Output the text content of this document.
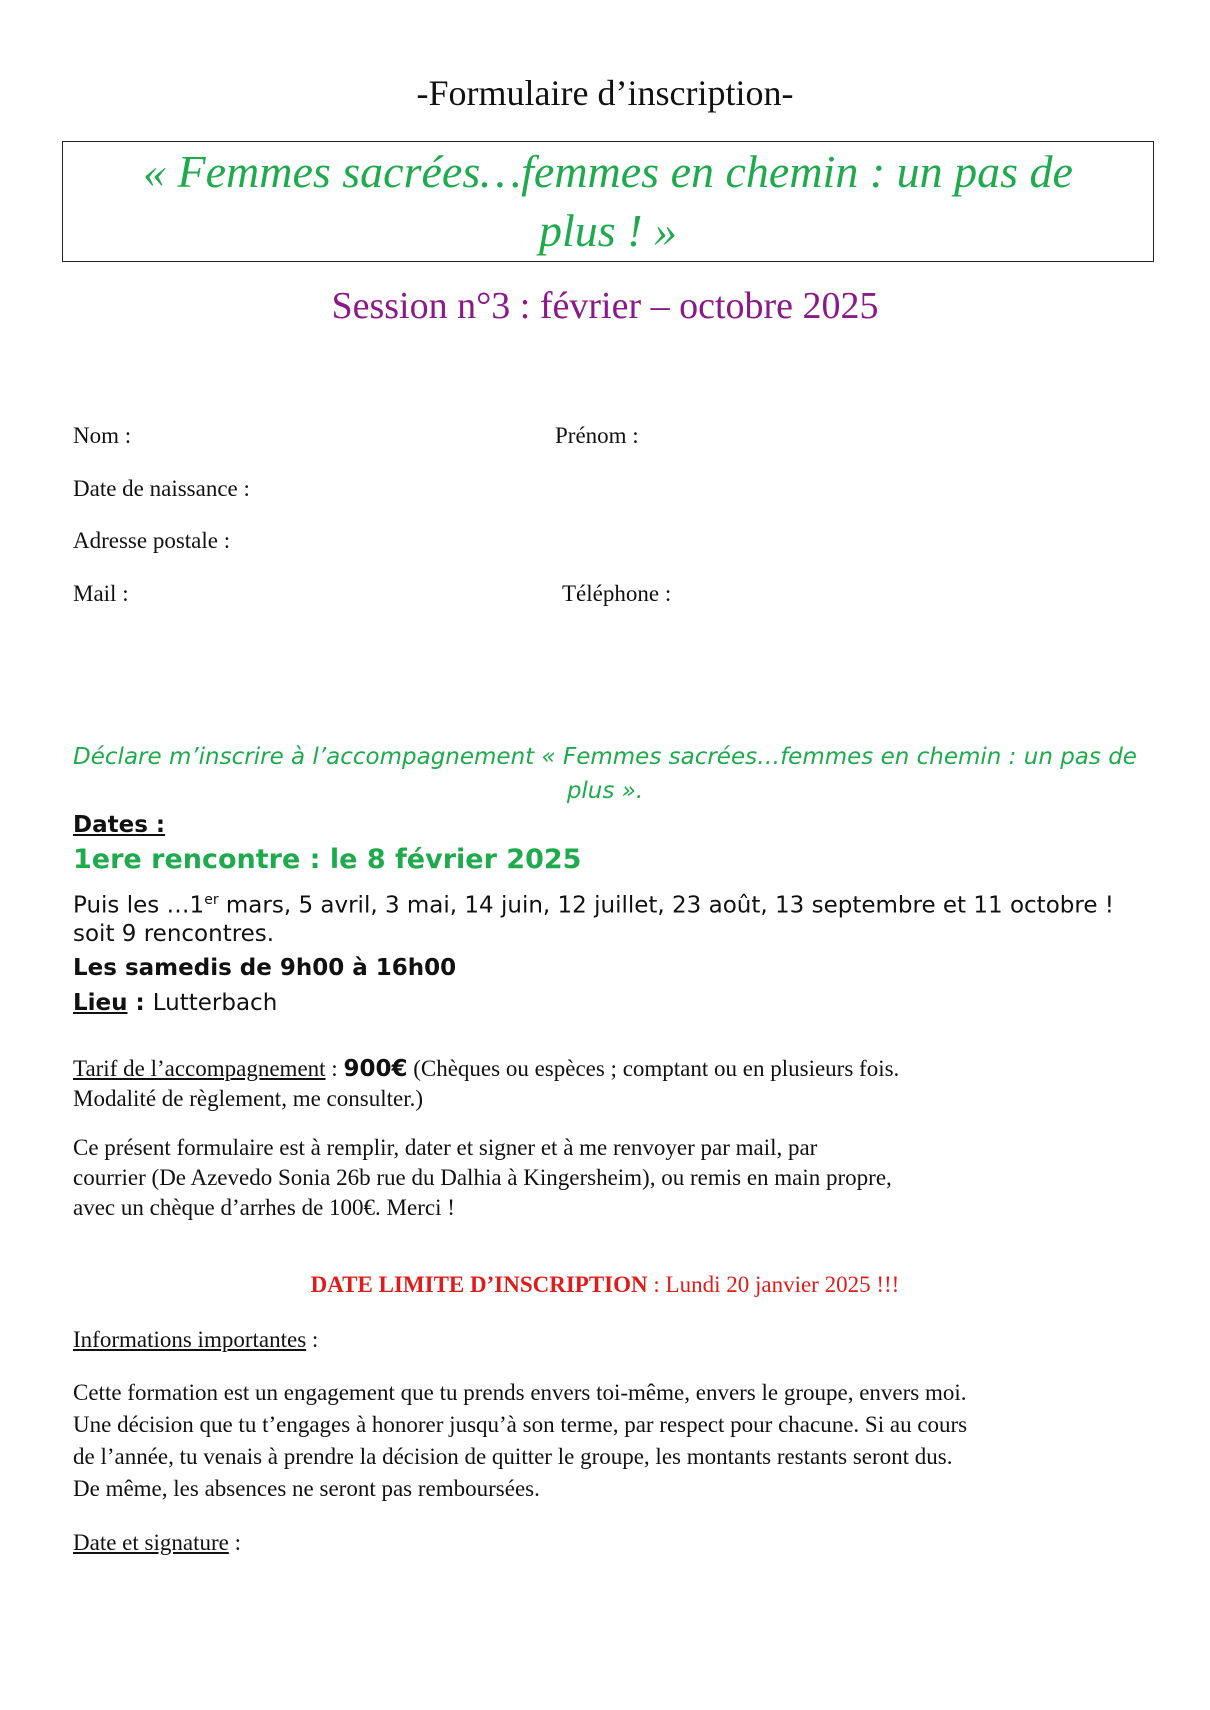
-Formulaire d’inscription-
« Femmes sacrées…femmes en chemin : un pas de
plus ! »
Session n°3 : février – octobre 2025
Nom :	Prénom :
Date de naissance :
Adresse postale :
Mail :	Téléphone :
Déclare m’inscrire à l’accompagnement « Femmes sacrées…femmes en chemin : un pas de
plus ».
Dates :
1ere rencontre : le 8 février 2025
Puis les …1er mars, 5 avril, 3 mai, 14 juin, 12 juillet, 23 août, 13 septembre et 11 octobre !
soit 9 rencontres.
Les samedis de 9h00 à 16h00
Lieu : Lutterbach
Tarif de l’accompagnement : 900€ (Chèques ou espèces ; comptant ou en plusieurs fois.
Modalité de règlement, me consulter.)
Ce présent formulaire est à remplir, dater et signer et à me renvoyer par mail, par
courrier (De Azevedo Sonia 26b rue du Dalhia à Kingersheim), ou remis en main propre,
avec un chèque d’arrhes de 100€. Merci !
DATE LIMITE D’INSCRIPTION : Lundi 20 janvier 2025 !!!
Informations importantes :
Cette formation est un engagement que tu prends envers toi-même, envers le groupe, envers moi.
Une décision que tu t’engages à honorer jusqu’à son terme, par respect pour chacune. Si au cours
de l’année, tu venais à prendre la décision de quitter le groupe, les montants restants seront dus.
De même, les absences ne seront pas remboursées.
Date et signature :
